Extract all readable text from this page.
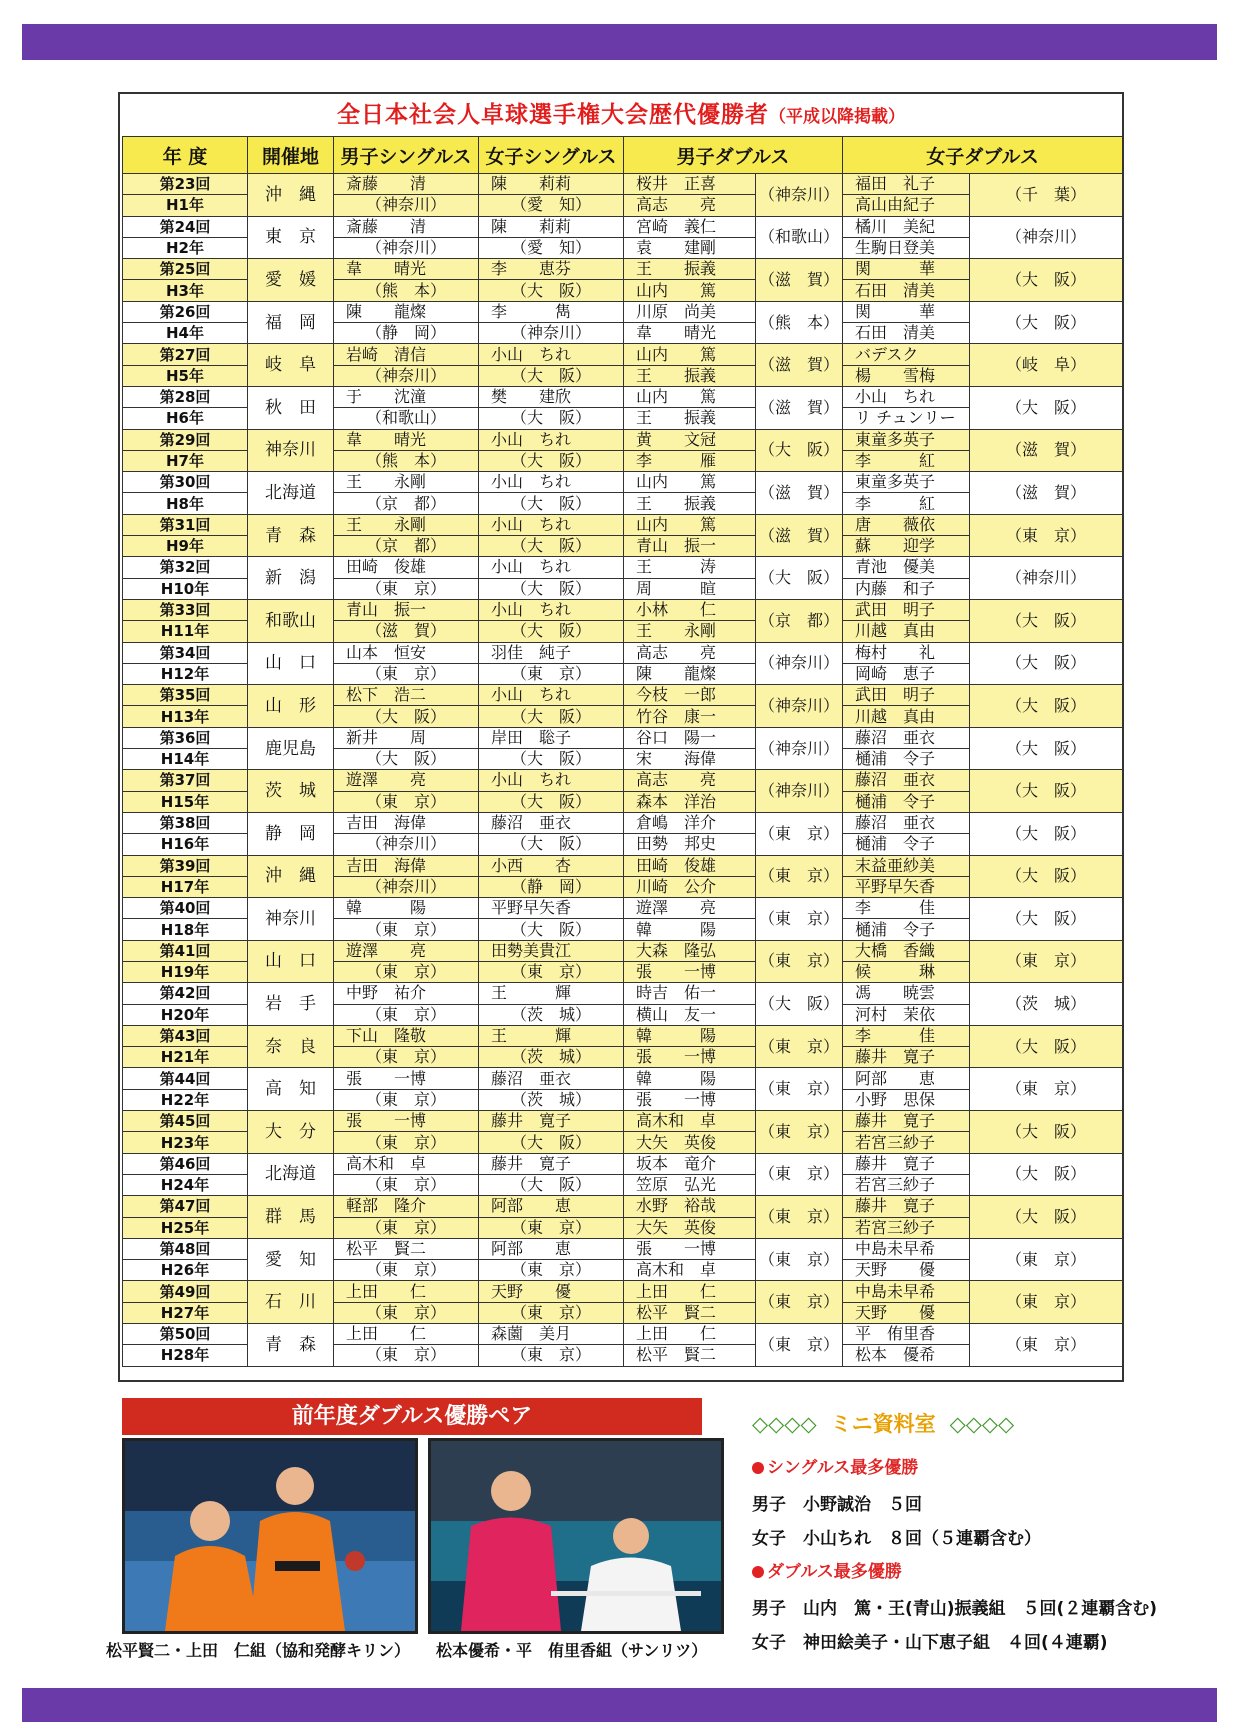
全日本社会人卓球選手権大会歴代優勝者（平成以降掲載）
年 度	開催地	男子シングルス	女子シングルス	男子ダブルス		女子ダブルス	
第23回	沖　縄	斎藤　　清	陳　　莉莉	桜井　正喜	（神奈川）	福田　礼子	（千　葉）
H1年		（神奈川）	（愛　知）	高志　　亮		高山由紀子	
第24回	東　京	斎藤　　清	陳　　莉莉	宮崎　義仁	（和歌山）	橘川　美紀	（神奈川）
H2年		（神奈川）	（愛　知）	袁　　建剛		生駒日登美	
第25回	愛　媛	韋　　晴光	李　　恵芬	王　　振義	（滋　賀）	関　　　華	（大　阪）
H3年		（熊　本）	（大　阪）	山内　　篤		石田　清美	
第26回	福　岡	陳　　龍燦	李　　　雋	川原　尚美	（熊　本）	関　　　華	（大　阪）
H4年		（静　岡）	（神奈川）	韋　　晴光		石田　清美	
第27回	岐　阜	岩崎　清信	小山　ちれ	山内　　篤	（滋　賀）	バデスク	（岐　阜）
H5年		（神奈川）	（大　阪）	王　　振義		楊　　雪梅	
第28回	秋　田	于　　沈潼	樊　　建欣	山内　　篤	（滋　賀）	小山　ちれ	（大　阪）
H6年		（和歌山）	（大　阪）	王　　振義		リ チュンリー	
第29回	神奈川	韋　　晴光	小山　ちれ	黄　　文冠	（大　阪）	東童多英子	（滋　賀）
H7年		（熊　本）	（大　阪）	李　　　雁		李　　　紅	
第30回	北海道	王　　永剛	小山　ちれ	山内　　篤	（滋　賀）	東童多英子	（滋　賀）
H8年		（京　都）	（大　阪）	王　　振義		李　　　紅	
第31回	青　森	王　　永剛	小山　ちれ	山内　　篤	（滋　賀）	唐　　薇依	（東　京）
H9年		（京　都）	（大　阪）	青山　振一		蘇　　迎学	
第32回	新　潟	田崎　俊雄	小山　ちれ	王　　　涛	（大　阪）	青池　優美	（神奈川）
H10年		（東　京）	（大　阪）	周　　　暄		内藤　和子	
第33回	和歌山	青山　振一	小山　ちれ	小林　　仁	（京　都）	武田　明子	（大　阪）
H11年		（滋　賀）	（大　阪）	王　　永剛		川越　真由	
第34回	山　口	山本　恒安	羽佳　純子	高志　　亮	（神奈川）	梅村　　礼	（大　阪）
H12年		（東　京）	（東　京）	陳　　龍燦		岡崎　恵子	
第35回	山　形	松下　浩二	小山　ちれ	今枝　一郎	（神奈川）	武田　明子	（大　阪）
H13年		（大　阪）	（大　阪）	竹谷　康一		川越　真由	
第36回	鹿児島	新井　　周	岸田　聡子	谷口　陽一	（神奈川）	藤沼　亜衣	（大　阪）
H14年		（大　阪）	（大　阪）	宋　　海偉		樋浦　令子	
第37回	茨　城	遊澤　　亮	小山　ちれ	高志　　亮	（神奈川）	藤沼　亜衣	（大　阪）
H15年		（東　京）	（大　阪）	森本　洋治		樋浦　令子	
第38回	静　岡	吉田　海偉	藤沼　亜衣	倉嶋　洋介	（東　京）	藤沼　亜衣	（大　阪）
H16年		（神奈川）	（大　阪）	田勢　邦史		樋浦　令子	
第39回	沖　縄	吉田　海偉	小西　　杏	田崎　俊雄	（東　京）	末益亜紗美	（大　阪）
H17年		（神奈川）	（静　岡）	川崎　公介		平野早矢香	
第40回	神奈川	韓　　　陽	平野早矢香	遊澤　　亮	（東　京）	李　　　佳	（大　阪）
H18年		（東　京）	（大　阪）	韓　　　陽		樋浦　令子	
第41回	山　口	遊澤　　亮	田勢美貴江	大森　隆弘	（東　京）	大橋　香織	（東　京）
H19年		（東　京）	（東　京）	張　　一博		候　　　琳	
第42回	岩　手	中野　祐介	王　　　輝	時吉　佑一	（大　阪）	馮　　暁雲	（茨　城）
H20年		（東　京）	（茨　城）	横山　友一		河村　茉依	
第43回	奈　良	下山　隆敬	王　　　輝	韓　　　陽	（東　京）	李　　　佳	（大　阪）
H21年		（東　京）	（茨　城）	張　　一博		藤井　寛子	
第44回	高　知	張　　一博	藤沼　亜衣	韓　　　陽	（東　京）	阿部　　恵	（東　京）
H22年		（東　京）	（茨　城）	張　　一博		小野　思保	
第45回	大　分	張　　一博	藤井　寛子	高木和　卓	（東　京）	藤井　寛子	（大　阪）
H23年		（東　京）	（大　阪）	大矢　英俊		若宮三紗子	
第46回	北海道	高木和　卓	藤井　寛子	坂本　竜介	（東　京）	藤井　寛子	（大　阪）
H24年		（東　京）	（大　阪）	笠原　弘光		若宮三紗子	
第47回	群　馬	軽部　隆介	阿部　　恵	水野　裕哉	（東　京）	藤井　寛子	（大　阪）
H25年		（東　京）	（東　京）	大矢　英俊		若宮三紗子	
第48回	愛　知	松平　賢二	阿部　　恵	張　　一博	（東　京）	中島未早希	（東　京）
H26年		（東　京）	（東　京）	高木和　卓		天野　　優	
第49回	石　川	上田　　仁	天野　　優	上田　　仁	（東　京）	中島未早希	（東　京）
H27年		（東　京）	（東　京）	松平　賢二		天野　　優	
第50回	青　森	上田　　仁	森薗　美月	上田　　仁	（東　京）	平　侑里香	（東　京）
H28年		（東　京）	（東　京）	松平　賢二		松本　優希	
前年度ダブルス優勝ペア
松平賢二・上田　仁組（協和発酵キリン） 松本優希・平　侑里香組（サンリツ）
◇◇◇◇ ミニ資料室 ◇◇◇◇
シングルス最多優勝
男子　小野誠治　５回
女子　小山ちれ　８回（５連覇含む）
ダブルス最多優勝
男子　山内　篤・王(青山)振義組　５回(２連覇含む)
女子　神田絵美子・山下恵子組　４回(４連覇)
